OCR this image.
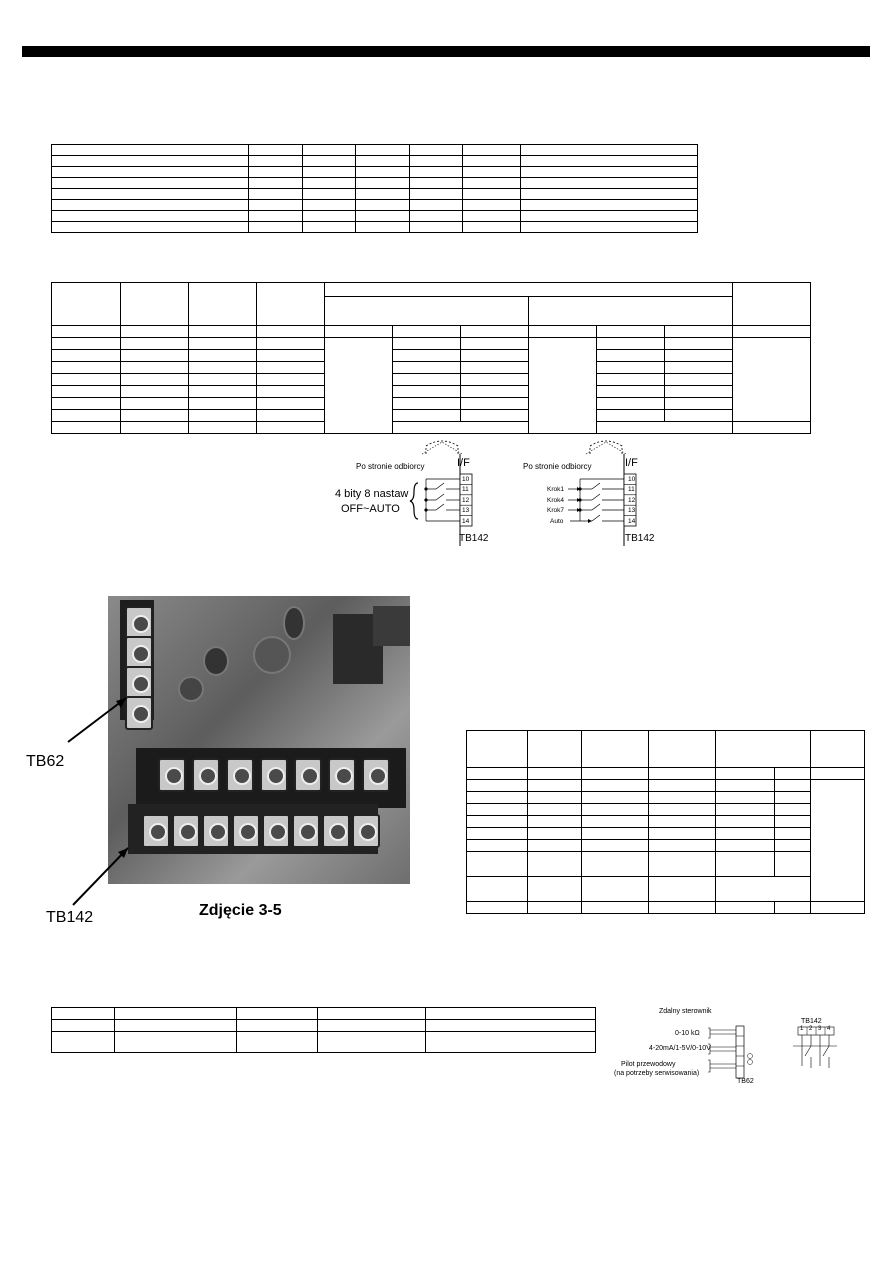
Po stronie odbiorcy	I/F
10
11
12
13
14
4 bity 8 nastaw
OFF~AUTO
TB142
Po stronie odbiorcy	I/F
10
11
12
13
14
Krok1
Krok4
Krok7
Auto
TB142
TB62
TB142	Zdjęcie 3-5

Zdalny sterownik
0-10 kΩ
4-20mA/1-5V/0-10V
Pilot przewodowy
(na potrzeby serwisowania)
TB62
TB142
1 2 3 4
